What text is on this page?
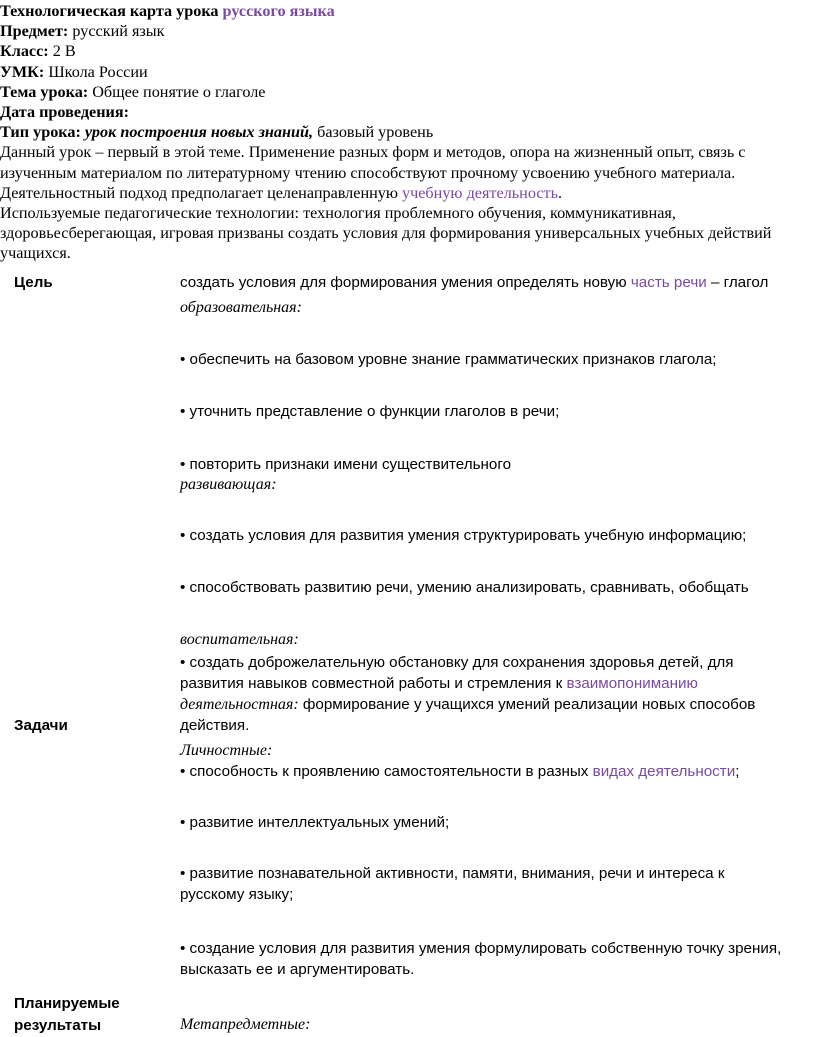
Технологическая карта урока русского языка

Предмет: русский язык

Класс: 2 В

УМК: Школа России

Тема урока: Общее понятие о глаголе

Дата проведения:

Тип урока: урок построения новых знаний, базовый уровень

Данный урок – первый в этой теме. Применение разных форм и методов, опора на жизненный опыт, связь с изученным материалом по литературному чтению способствуют прочному усвоению учебного материала. Деятельностный подход предполагает целенаправленную учебную деятельность.

Используемые педагогические технологии: технология проблемного обучения, коммуникативная, здоровьесберегающая, игровая призваны создать условия для формирования универсальных учебных действий учащихся.

Цель	создать условия для формирования умения определять новую часть речи – глагол
образовательная:
• обеспечить на базовом уровне знание грамматических признаков глагола;
• уточнить представление о функции глаголов в речи;
• повторить признаки имени существительного
развивающая:
• создать условия для развития умения структурировать учебную информацию;
• способствовать развитию речи, умению анализировать, сравнивать, обобщать
воспитательная:
• создать доброжелательную обстановку для сохранения здоровья детей, для развития навыков совместной работы и стремления к взаимопониманию
деятельностная: формирование у учащихся умений реализации новых способов действия.
Задачи
Личностные:
• способность к проявлению самостоятельности в разных видах деятельности;
• развитие интеллектуальных умений;
• развитие познавательной активности, памяти, внимания, речи и интереса к русскому языку;
• создание условия для развития умения формулировать собственную точку зрения, высказать ее и аргументировать.
Планируемые результаты	Метапредметные:
